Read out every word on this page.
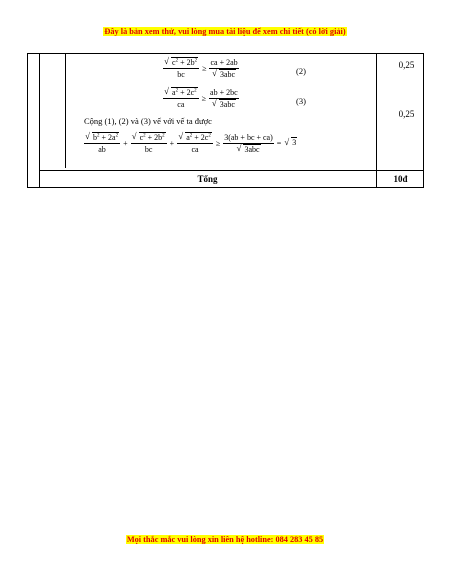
Đây là bản xem thử, vui lòng mua tài liệu để xem chi tiết (có lời giải)
√ $\frac{c^2 + 2b^2}{bc}$ ≥ ca + 2ab
√ 3abc	(2)
0,25
√ $\frac{a^2 + 2c^2}{ca}$ ≥ ab + 2bc
√ 3abc	(3)
0,25
Cộng (1), (2) và (3) vế với vế ta được
√ $\frac{b^2 + 2a^2}{ab}$ + √ $\frac{c^2 + 2b^2}{bc}$ + √ $\frac{a^2 + 2c^2}{ca} \ge 3(ab$ + bc + ca)
√ 3abc = √ 3
Tổng	10đ
Mọi thắc mắc vui lòng xin liên hệ hotline: 084 283 45 85
